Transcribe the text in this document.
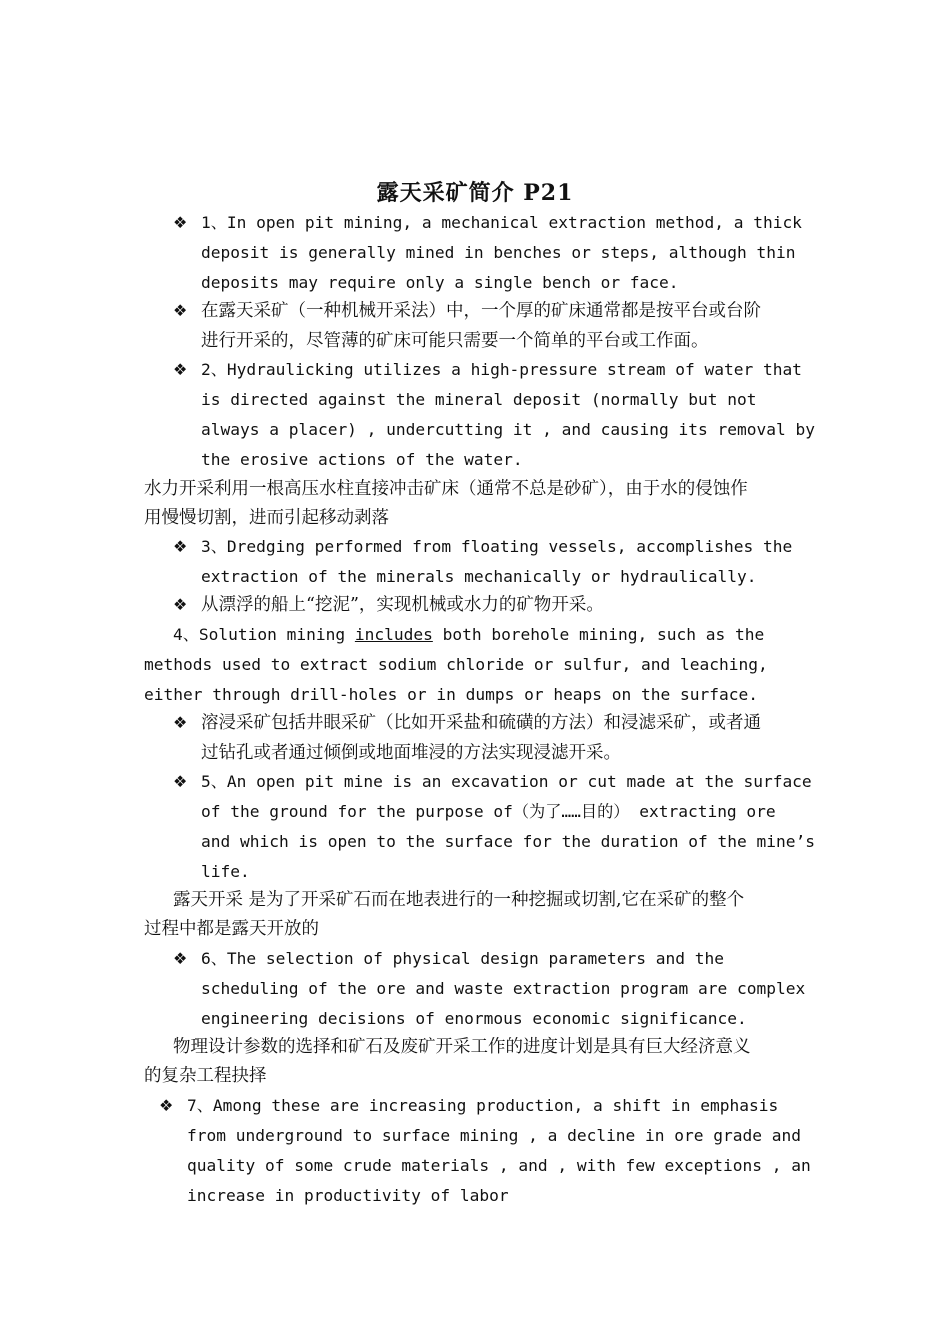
露天采矿简介 P21
❖ 1、In open pit mining, a mechanical extraction method, a thick
deposit is generally mined in benches or steps, although thin
deposits may require only a single bench or face.
❖ 在露天采矿（一种机械开采法）中，一个厚的矿床通常都是按平台或台阶
进行开采的，尽管薄的矿床可能只需要一个简单的平台或工作面。
❖ 2、Hydraulicking utilizes a high-pressure stream of water that
is directed against the mineral deposit (normally but not
always a placer) , undercutting it , and causing its removal by
the erosive actions of the water.
水力开采利用一根高压水柱直接冲击矿床（通常不总是砂矿），由于水的侵蚀作
用慢慢切割，进而引起移动剥落
❖ 3、Dredging performed from floating vessels, accomplishes the
extraction of the minerals mechanically or hydraulically.
❖ 从漂浮的船上“挖泥”，实现机械或水力的矿物开采。
4、Solution mining includes both borehole mining, such as the
methods used to extract sodium chloride or sulfur, and leaching,
either through drill-holes or in dumps or heaps on the surface.
❖ 溶浸采矿包括井眼采矿（比如开采盐和硫磺的方法）和浸滤采矿，或者通
过钻孔或者通过倾倒或地面堆浸的方法实现浸滤开采。
❖ 5、An open pit mine is an excavation or cut made at the surface
of the ground for the purpose of（为了……目的） extracting ore
and which is open to the surface for the duration of the mine’s
life.
露天开采 是为了开采矿石而在地表进行的一种挖掘或切割,它在采矿的整个
过程中都是露天开放的
❖ 6、The selection of physical design parameters and the
scheduling of the ore and waste extraction program are complex
engineering decisions of enormous economic significance.
物理设计参数的选择和矿石及废矿开采工作的进度计划是具有巨大经济意义
的复杂工程抉择
❖ 7、Among these are increasing production, a shift in emphasis
from underground to surface mining , a decline in ore grade and
quality of some crude materials , and , with few exceptions , an
increase in productivity of labor
